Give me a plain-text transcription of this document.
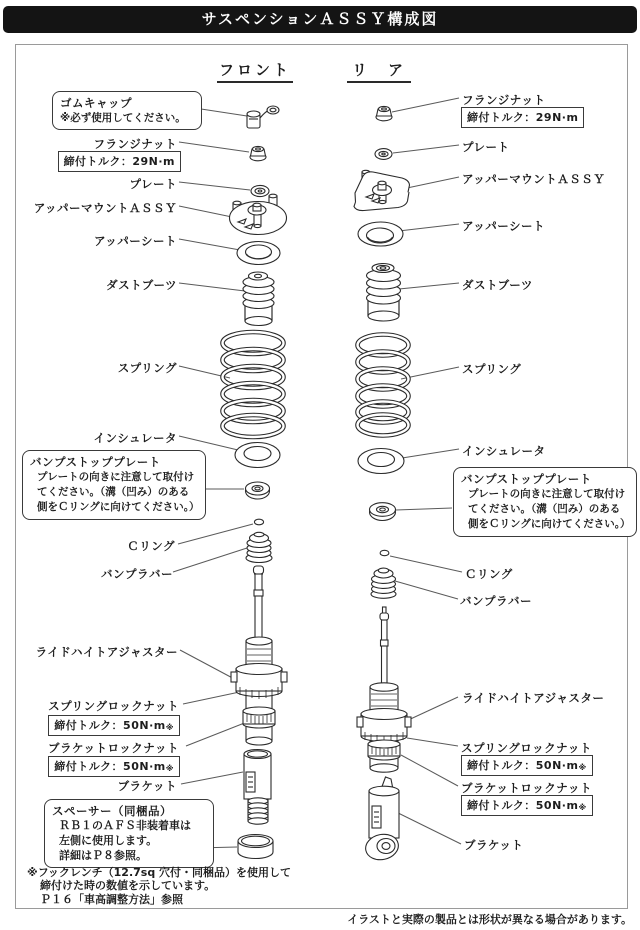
サスペンションＡＳＳＹ構成図
フロント	リ　ア
ゴムキャップ
※必ず使用してください。
フランジナット
締付トルク：29N·m
プレート
アッパーマウントＡＳＳＹ
アッパーシート
ダストブーツ
スプリング
インシュレータ
バンプストッププレート
プレートの向きに注意して取付けてください。（溝（凹み）のある側をＣリングに向けてください。）
Ｃリング
バンプラバー
ライドハイトアジャスター
スプリングロックナット
締付トルク：50N·m※
ブラケットロックナット
締付トルク：50N·m※
ブラケット
スペーサー（同梱品）
ＲＢ１のＡＦＳ非装着車は
左側に使用します。
詳細はＰ８参照。
フランジナット
締付トルク：29N·m
プレート
アッパーマウントＡＳＳＹ
アッパーシート
ダストブーツ
スプリング
インシュレータ
バンプストッププレート
プレートの向きに注意して取付けてください。（溝（凹み）のある側をＣリングに向けてください。）
Ｃリング
バンプラバー
ライドハイトアジャスター
スプリングロックナット
締付トルク：50N·m※
ブラケットロックナット
締付トルク：50N·m※
ブラケット
※フックレンチ（12.7sq 穴付・同梱品）を使用して
締付けた時の数値を示しています。
Ｐ１６「車高調整方法」参照
イラストと実際の製品とは形状が異なる場合があります。
